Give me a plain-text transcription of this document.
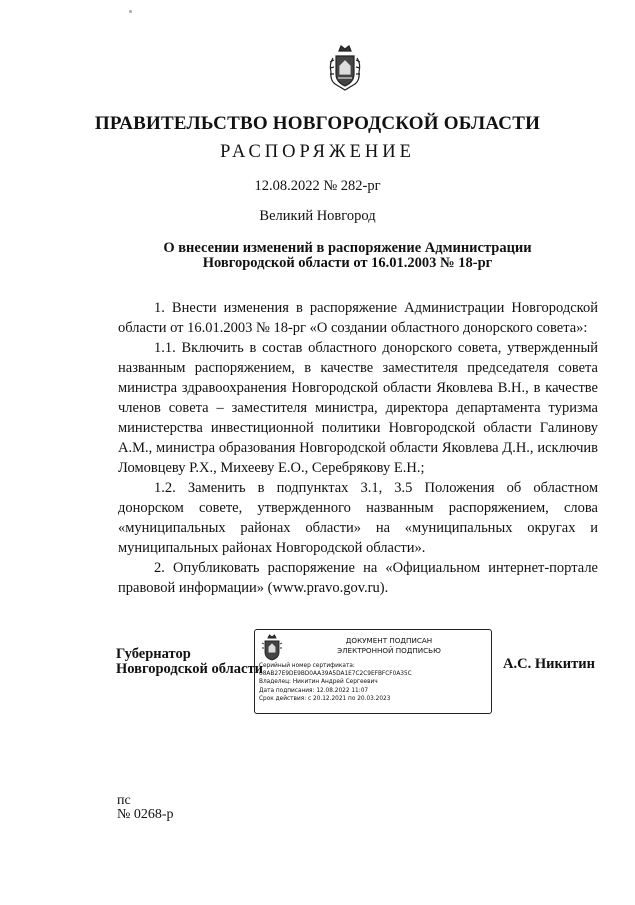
ПРАВИТЕЛЬСТВО НОВГОРОДСКОЙ ОБЛАСТИ
РАСПОРЯЖЕНИЕ
12.08.2022 № 282-рг
Великий Новгород
О внесении изменений в распоряжение Администрации
Новгородской области от 16.01.2003 № 18-рг

1. Внести изменения в распоряжение Администрации Новгородской области от 16.01.2003 № 18-рг «О создании областного донорского совета»:

1.1. Включить в состав областного донорского совета, утвержденный названным распоряжением, в качестве заместителя председателя совета министра здравоохранения Новгородской области Яковлева В.Н., в качестве членов совета – заместителя министра, директора департамента туризма министерства инвестиционной политики Новгородской области Галинову А.М., министра образования Новгородской области Яковлева Д.Н., исключив Ломовцеву Р.Х., Михееву Е.О., Серебрякову Е.Н.;

1.2. Заменить в подпунктах 3.1, 3.5 Положения об областном донорском совете, утвержденного названным распоряжением, слова «муниципальных районах области» на «муниципальных округах и муниципальных районах Новгородской области».

2. Опубликовать распоряжение на «Официальном интернет-портале правовой информации» (www.pravo.gov.ru).

Губернатор
Новгородской области
ДОКУМЕНТ ПОДПИСАН
ЭЛЕКТРОННОЙ ПОДПИСЬЮ
Серийный номер сертификата:
68AB27E9DE9BD0AA39A5DA1E7C2C9EFBFCF0A35C
Владелец: Никитин Андрей Сергеевич
Дата подписания: 12.08.2022 11:07
Срок действия: с 20.12.2021 по 20.03.2023
А.С. Никитин
пс
№ 0268-р
